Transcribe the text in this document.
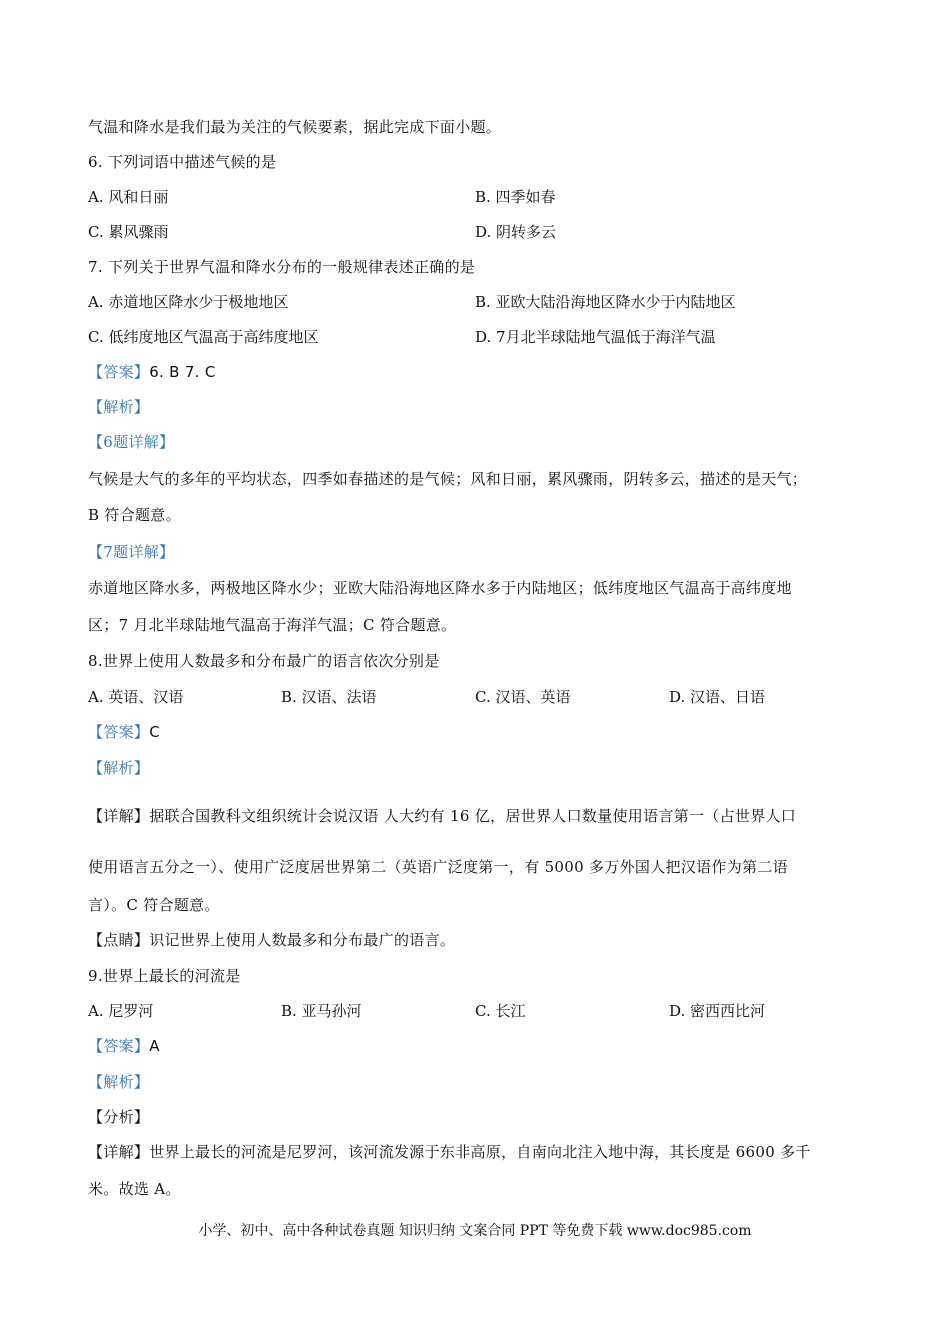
气温和降水是我们最为关注的气候要素，据此完成下面小题。
6. 下列词语中描述气候的是
A. 风和日丽	B. 四季如春
C. 累风骤雨	D. 阴转多云
7. 下列关于世界气温和降水分布的一般规律表述正确的是
A. 赤道地区降水少于极地地区	B. 亚欧大陆沿海地区降水少于内陆地区
C. 低纬度地区气温高于高纬度地区	D. 7月北半球陆地气温低于海洋气温
【答案】6. B 7. C
【解析】
【6题详解】
气候是大气的多年的平均状态，四季如春描述的是气候；风和日丽，累风骤雨，阴转多云，描述的是天气；
B 符合题意。
【7题详解】
赤道地区降水多，两极地区降水少；亚欧大陆沿海地区降水多于内陆地区；低纬度地区气温高于高纬度地
区；7 月北半球陆地气温高于海洋气温；C 符合题意。
8.世界上使用人数最多和分布最广的语言依次分别是
A. 英语、汉语	B. 汉语、法语	C. 汉语、英语	D. 汉语、日语
【答案】C
【解析】
【详解】据联合国教科文组织统计会说汉语 人大约有 16 亿，居世界人口数量使用语言第一（占世界人口
使用语言五分之一）、使用广泛度居世界第二（英语广泛度第一，有 5000 多万外国人把汉语作为第二语
言）。C 符合题意。
【点睛】识记世界上使用人数最多和分布最广的语言。
9.世界上最长的河流是
A. 尼罗河	B. 亚马孙河	C. 长江	D. 密西西比河
【答案】A
【解析】
【分析】
【详解】世界上最长的河流是尼罗河，该河流发源于东非高原，自南向北注入地中海，其长度是 6600 多千
米。故选 A。
小学、初中、高中各种试卷真题 知识归纳 文案合同 PPT 等免费下载 www.doc985.com
